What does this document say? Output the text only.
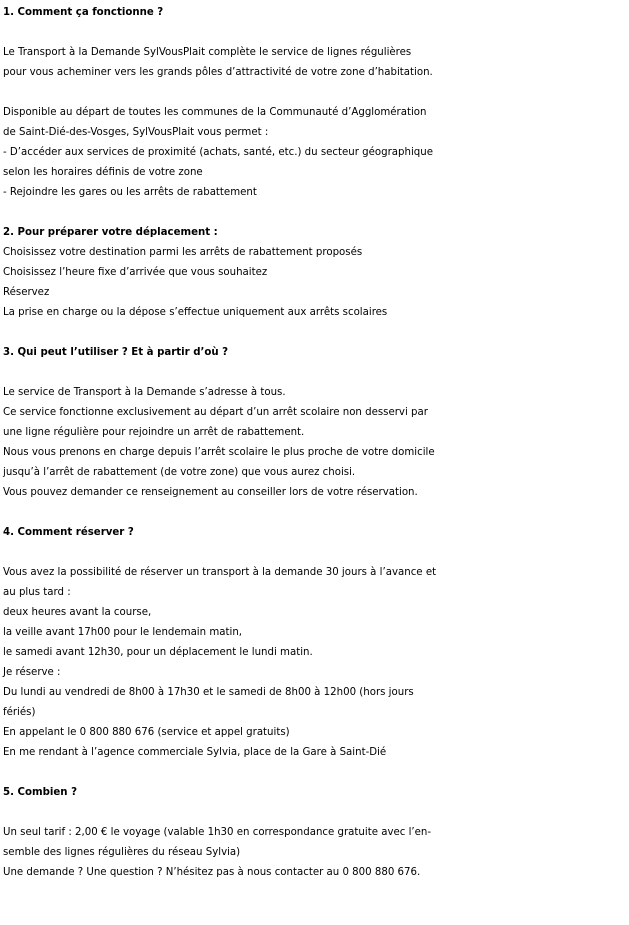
1. Comment ça fonctionne ?
Le Transport à la Demande SylVousPlait complète le service de lignes régulières
pour vous acheminer vers les grands pôles d’attractivité de votre zone d’habitation.
Disponible au départ de toutes les communes de la Communauté d’Agglomération
de Saint-Dié-des-Vosges, SylVousPlait vous permet :
- D’accéder aux services de proximité (achats, santé, etc.) du secteur géographique
selon les horaires définis de votre zone
- Rejoindre les gares ou les arrêts de rabattement
2. Pour préparer votre déplacement :
Choisissez votre destination parmi les arrêts de rabattement proposés
Choisissez l’heure fixe d’arrivée que vous souhaitez
Réservez
La prise en charge ou la dépose s’effectue uniquement aux arrêts scolaires
3. Qui peut l’utiliser ? Et à partir d’où ?
Le service de Transport à la Demande s’adresse à tous.
Ce service fonctionne exclusivement au départ d’un arrêt scolaire non desservi par
une ligne régulière pour rejoindre un arrêt de rabattement.
Nous vous prenons en charge depuis l’arrêt scolaire le plus proche de votre domicile
jusqu’à l’arrêt de rabattement (de votre zone) que vous aurez choisi.
Vous pouvez demander ce renseignement au conseiller lors de votre réservation.
4. Comment réserver ?
Vous avez la possibilité de réserver un transport à la demande 30 jours à l’avance et
au plus tard :
deux heures avant la course,
la veille avant 17h00 pour le lendemain matin,
le samedi avant 12h30, pour un déplacement le lundi matin.
Je réserve :
Du lundi au vendredi de 8h00 à 17h30 et le samedi de 8h00 à 12h00 (hors jours
fériés)
En appelant le 0 800 880 676 (service et appel gratuits)
En me rendant à l’agence commerciale Sylvia, place de la Gare à Saint-Dié
5. Combien ?
Un seul tarif : 2,00 € le voyage (valable 1h30 en correspondance gratuite avec l’en-
semble des lignes régulières du réseau Sylvia)
Une demande ? Une question ? N’hésitez pas à nous contacter au 0 800 880 676.
